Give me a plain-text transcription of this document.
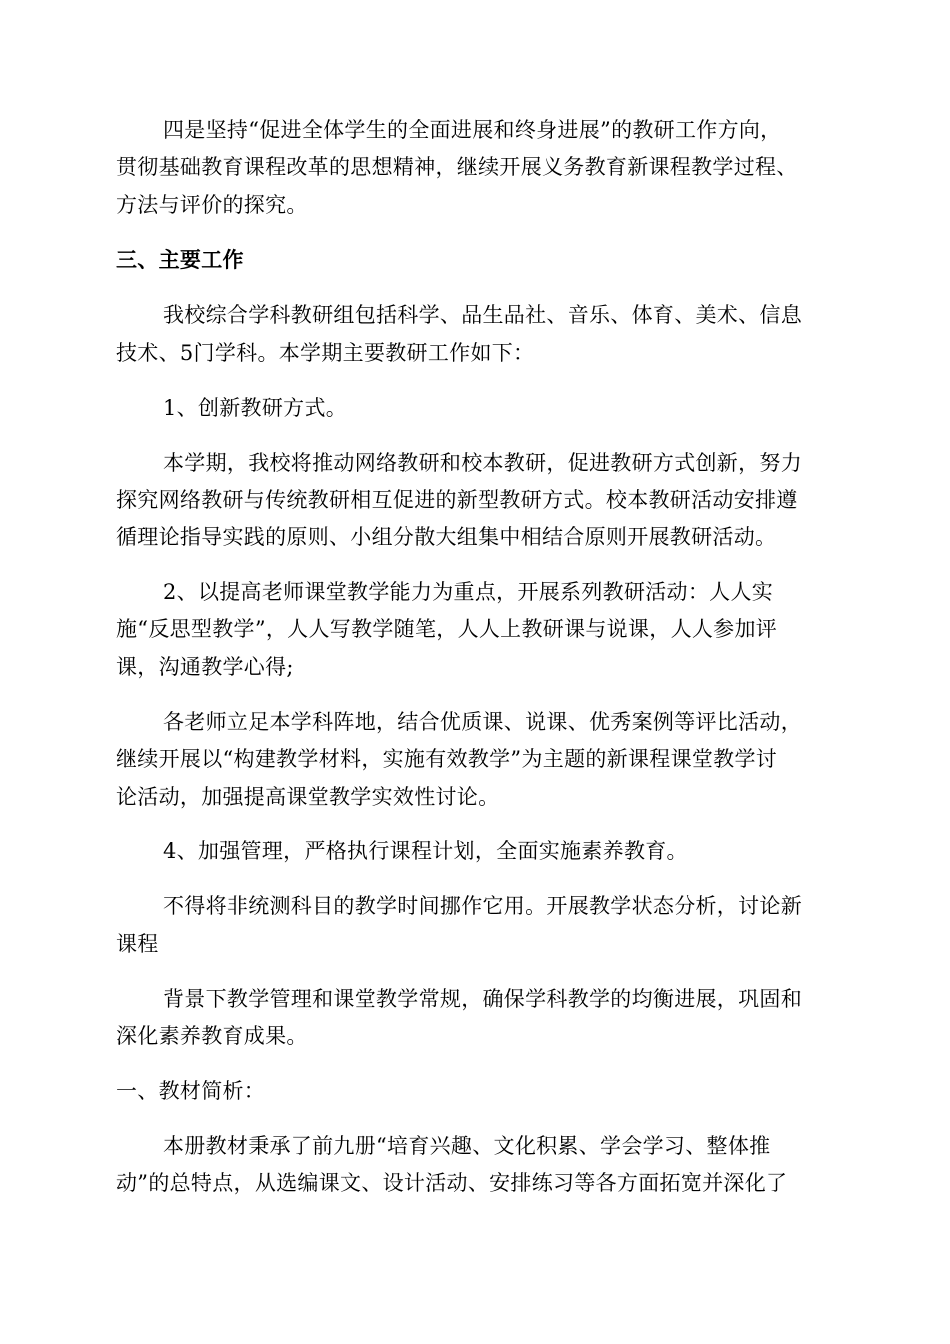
四是坚持“促进全体学生的全面进展和终身进展”的教研工作方向，
贯彻基础教育课程改革的思想精神，继续开展义务教育新课程教学过程、
方法与评价的探究。
三、主要工作
我校综合学科教研组包括科学、品生品社、音乐、体育、美术、信息
技术、5门学科。本学期主要教研工作如下：
1、创新教研方式。
本学期，我校将推动网络教研和校本教研，促进教研方式创新，努力
探究网络教研与传统教研相互促进的新型教研方式。校本教研活动安排遵
循理论指导实践的原则、小组分散大组集中相结合原则开展教研活动。
2、以提高老师课堂教学能力为重点，开展系列教研活动：人人实
施“反思型教学”，人人写教学随笔，人人上教研课与说课，人人参加评
课，沟通教学心得;
各老师立足本学科阵地，结合优质课、说课、优秀案例等评比活动，
继续开展以“构建教学材料，实施有效教学”为主题的新课程课堂教学讨
论活动，加强提高课堂教学实效性讨论。
4、加强管理，严格执行课程计划，全面实施素养教育。
不得将非统测科目的教学时间挪作它用。开展教学状态分析，讨论新
课程
背景下教学管理和课堂教学常规，确保学科教学的均衡进展，巩固和
深化素养教育成果。
一、教材简析：
本册教材秉承了前九册“培育兴趣、文化积累、学会学习、整体推
动”的总特点，从选编课文、设计活动、安排练习等各方面拓宽并深化了
